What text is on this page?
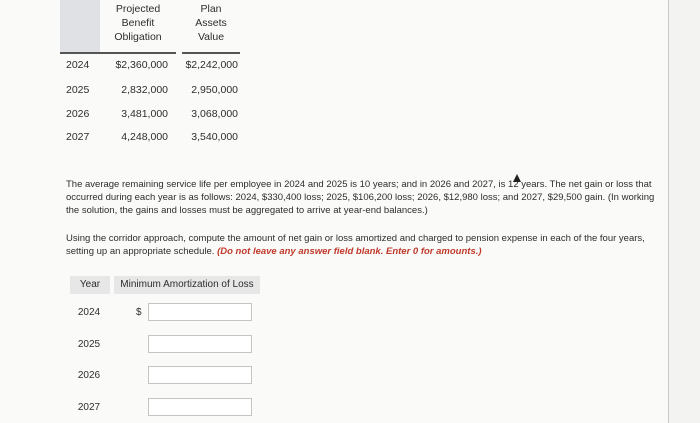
Projected
Benefit
Obligation
Plan
Assets
Value
2024	$2,360,000	$2,242,000
2025	2,832,000	2,950,000
2026	3,481,000	3,068,000
2027	4,248,000	3,540,000
The average remaining service life per employee in 2024 and 2025 is 10 years; and in 2026 and 2027, is 12 years. The net gain or loss that occurred during each year is as follows: 2024, $330,400 loss; 2025, $106,200 loss; 2026, $12,980 loss; and 2027, $29,500 gain. (In working the solution, the gains and losses must be aggregated to arrive at year-end balances.)
Using the corridor approach, compute the amount of net gain or loss amortized and charged to pension expense in each of the four years, setting up an appropriate schedule. (Do not leave any answer field blank. Enter 0 for amounts.)
Year	Minimum Amortization of Loss
2024	$
2025
2026
2027
